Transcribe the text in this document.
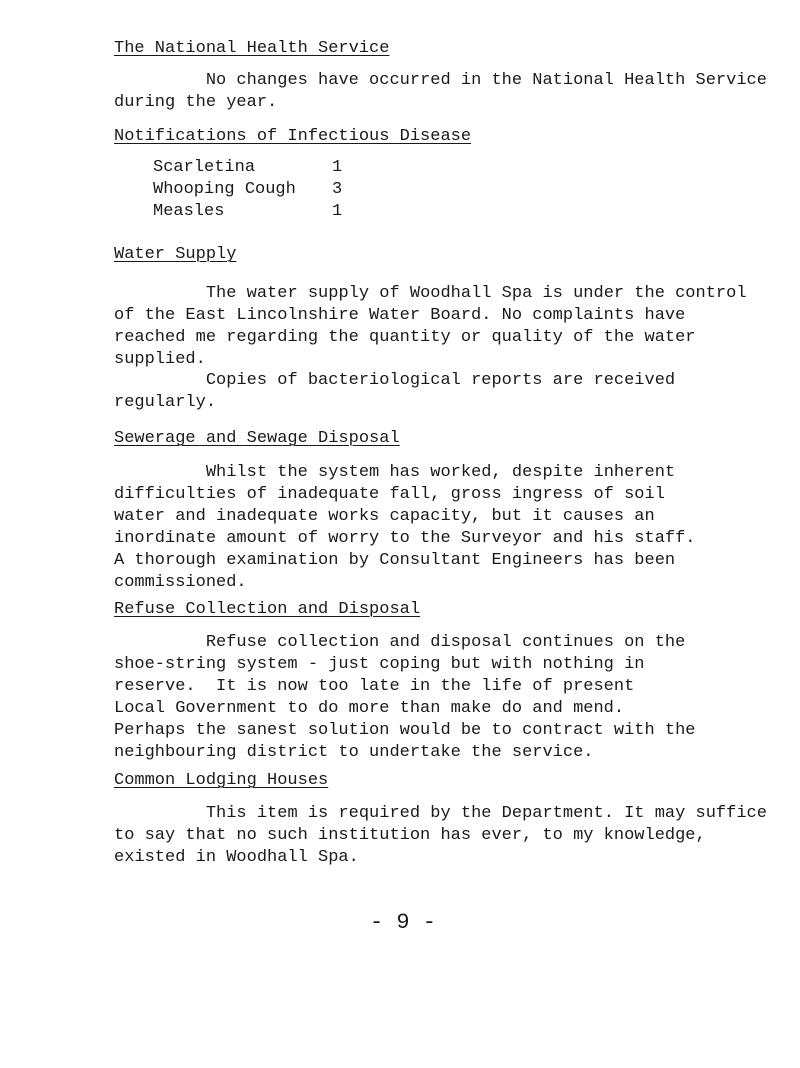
The National Health Service
No changes have occurred in the National Health Service
during the year.
Notifications of Infectious Disease
Scarletina	1
Whooping Cough 3
Measles	1
Water Supply
The water supply of Woodhall Spa is under the control
of the East Lincolnshire Water Board. No complaints have
reached me regarding the quantity or quality of the water
supplied.
Copies of bacteriological reports are received
regularly.
Sewerage and Sewage Disposal
Whilst the system has worked, despite inherent
difficulties of inadequate fall, gross ingress of soil
water and inadequate works capacity, but it causes an
inordinate amount of worry to the Surveyor and his staff.
A thorough examination by Consultant Engineers has been
commissioned.
Refuse Collection and Disposal
Refuse collection and disposal continues on the
shoe-string system - just coping but with nothing in
reserve.  It is now too late in the life of present
Local Government to do more than make do and mend.
Perhaps the sanest solution would be to contract with the
neighbouring district to undertake the service.
Common Lodging Houses
This item is required by the Department. It may suffice
to say that no such institution has ever, to my knowledge,
existed in Woodhall Spa.
- 9 -
